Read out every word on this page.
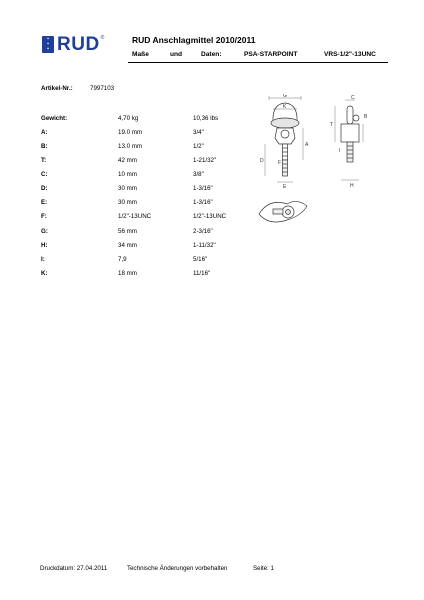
▪
▪
▪ RUD ®	RUD Anschlagmittel 2010/2011
Maße	und	Daten:	PSA-STARPOINT	VRS-1/2"-13UNC
Artikel-Nr.:	7997103
Gewicht:	4,70 kg	10,36 lbs
A:	19.0 mm	3/4"
B:	13.0 mm	1/2"
T:	42 mm	1-21/32"
C:	10 mm	3/8"
D:	30 mm	1-3/16"
E:	30 mm	1-3/16"
F:	1/2"-13UNC	1/2"-13UNC
G:	56 mm	2-3/16"
H:	34 mm	1-11/32"
I:	7,9	5/16"
K:	18 mm	11/16"
G
K
A
F
E
D
C
T
B
I
H
Druckdatum: 27.04.2011	Technische Änderungen vorbehalten	Seite: 1
